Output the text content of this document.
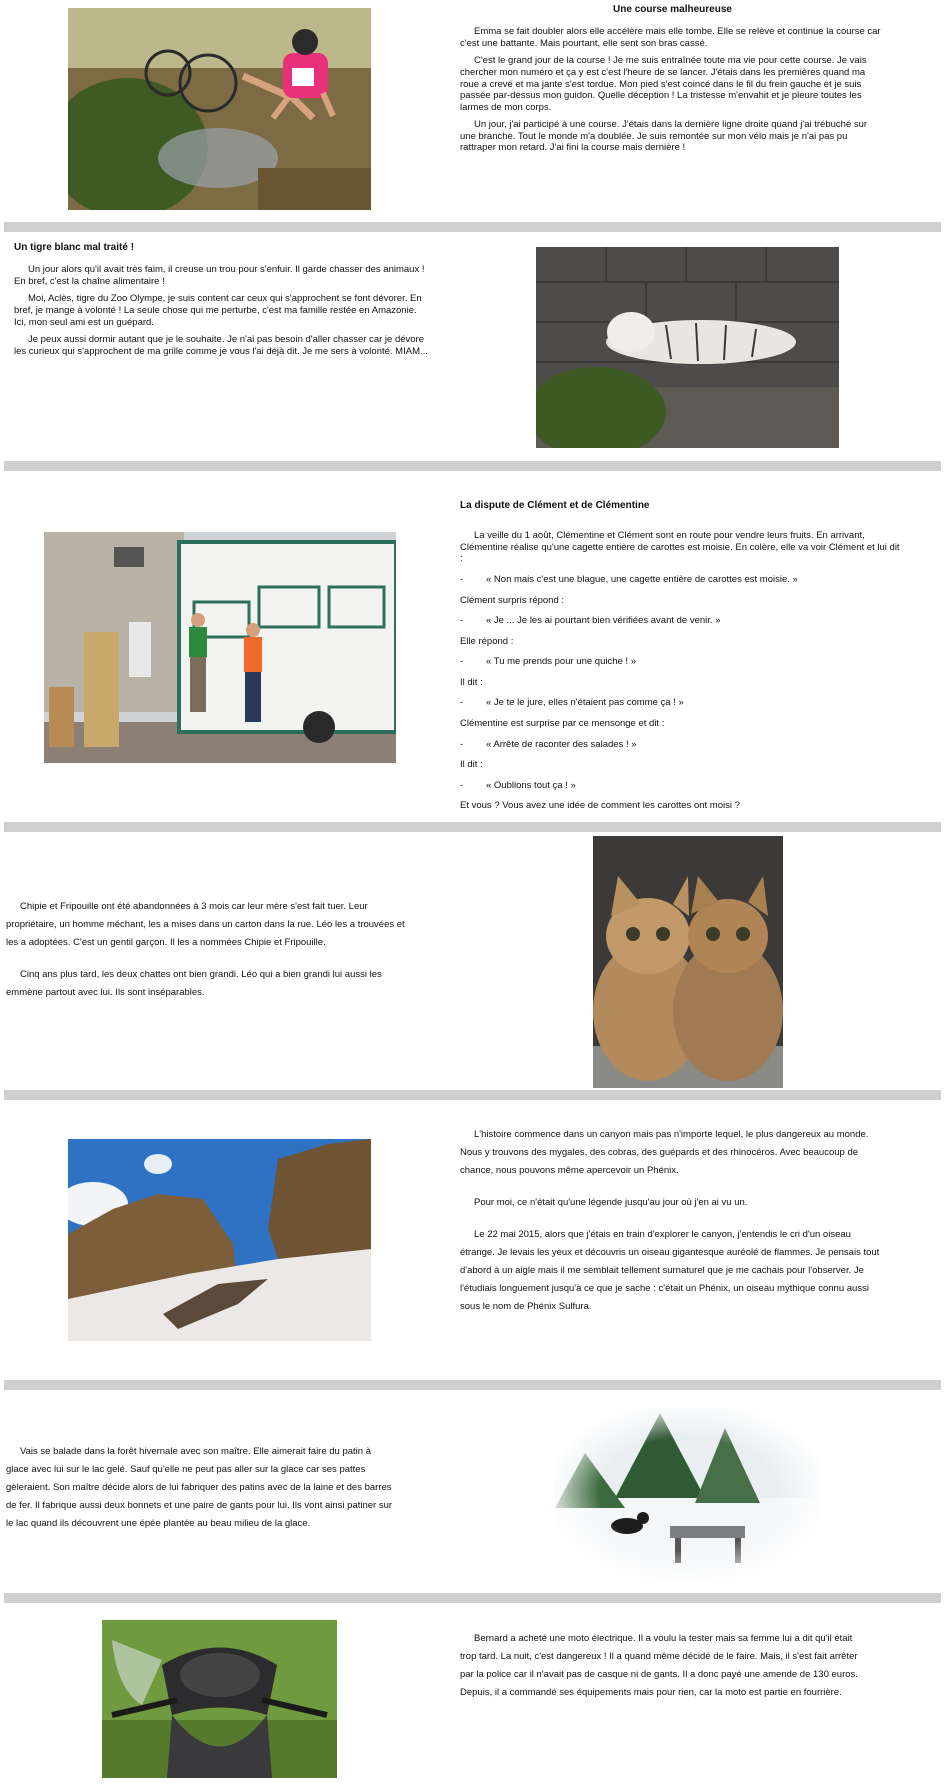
Une course malheureuse

Emma se fait doubler alors elle accélère mais elle tombe. Elle se relève et continue la course car c'est une battante. Mais pourtant, elle sent son bras cassé.

C'est le grand jour de la course ! Je me suis entraînée toute ma vie pour cette course. Je vais chercher mon numéro et ça y est c'est l'heure de se lancer. J'étais dans les premières quand ma roue a crevé et ma jante s'est tordue. Mon pied s'est coincé dans le fil du frein gauche et je suis passée par-dessus mon guidon. Quelle déception ! La tristesse m'envahit et je pleure toutes les larmes de mon corps.

Un jour, j'ai participé à une course. J'étais dans la dernière ligne droite quand j'ai trébuché sur une branche. Tout le monde m'a doublée. Je suis remontée sur mon vélo mais je n'ai pas pu rattraper mon retard. J'ai fini la course mais dernière !

Un tigre blanc mal traité !

Un jour alors qu'il avait très faim, il creuse un trou pour s'enfuir. Il garde chasser des animaux ! En bref, c'est la chaîne alimentaire !

Moi, Aclès, tigre du Zoo Olympe, je suis content car ceux qui s'approchent se font dévorer. En bref, je mange à volonté ! La seule chose qui me perturbe, c'est ma famille restée en Amazonie. Ici, mon seul ami est un guépard.

Je peux aussi dormir autant que je le souhaite. Je n'ai pas besoin d'aller chasser car je dévore les curieux qui s'approchent de ma grille comme je vous l'ai déjà dit. Je me sers à volonté. MIAM...

La dispute de Clément et de Clémentine

La veille du 1 août, Clémentine et Clément sont en route pour vendre leurs fruits. En arrivant, Clémentine réalise qu'une cagette entière de carottes est moisie. En colère, elle va voir Clément et lui dit :

- « Non mais c'est une blague, une cagette entière de carottes est moisie. »

Clément surpris répond :

- « Je ... Je les ai pourtant bien vérifiées avant de venir. »

Elle répond :

- « Tu me prends pour une quiche ! »

Il dit :

- « Je te le jure, elles n'étaient pas comme ça ! »

Clémentine est surprise par ce mensonge et dit :

- « Arrête de raconter des salades ! »

Il dit :

- « Oublions tout ça ! »

Et vous ? Vous avez une idée de comment les carottes ont moisi ?

Chipie et Fripouille ont été abandonnées à 3 mois car leur mère s'est fait tuer. Leur propriétaire, un homme méchant, les a mises dans un carton dans la rue. Léo les a trouvées et les a adoptées. C'est un gentil garçon. Il les a nommées Chipie et Fripouille.

Cinq ans plus tard, les deux chattes ont bien grandi. Léo qui a bien grandi lui aussi les emmène partout avec lui. Ils sont inséparables.

L'histoire commence dans un canyon mais pas n'importe lequel, le plus dangereux au monde. Nous y trouvons des mygales, des cobras, des guépards et des rhinocéros. Avec beaucoup de chance, nous pouvons même apercevoir un Phénix.

Pour moi, ce n'était qu'une légende jusqu'au jour où j'en ai vu un.

Le 22 mai 2015, alors que j'étais en train d'explorer le canyon, j'entendis le cri d'un oiseau étrange. Je levais les yeux et découvris un oiseau gigantesque auréolé de flammes. Je pensais tout d'abord à un aigle mais il me semblait tellement surnaturel que je me cachais pour l'observer. Je l'étudiais longuement jusqu'à ce que je sache : c'était un Phénix, un oiseau mythique connu aussi sous le nom de Phénix Sulfura.

Vais se balade dans la forêt hivernale avec son maître. Elle aimerait faire du patin à glace avec lui sur le lac gelé. Sauf qu'elle ne peut pas aller sur la glace car ses pattes gèleraient. Son maître décide alors de lui fabriquer des patins avec de la laine et des barres de fer. Il fabrique aussi deux bonnets et une paire de gants pour lui. Ils vont ainsi patiner sur le lac quand ils découvrent une épée plantée au beau milieu de la glace.

Bernard a acheté une moto électrique. Il a voulu la tester mais sa femme lui a dit qu'il était trop tard. La nuit, c'est dangereux ! Il a quand même décidé de le faire. Mais, il s'est fait arrêter par la police car il n'avait pas de casque ni de gants. Il a donc payé une amende de 130 euros. Depuis, il a commandé ses équipements mais pour rien, car la moto est partie en fourrière.
